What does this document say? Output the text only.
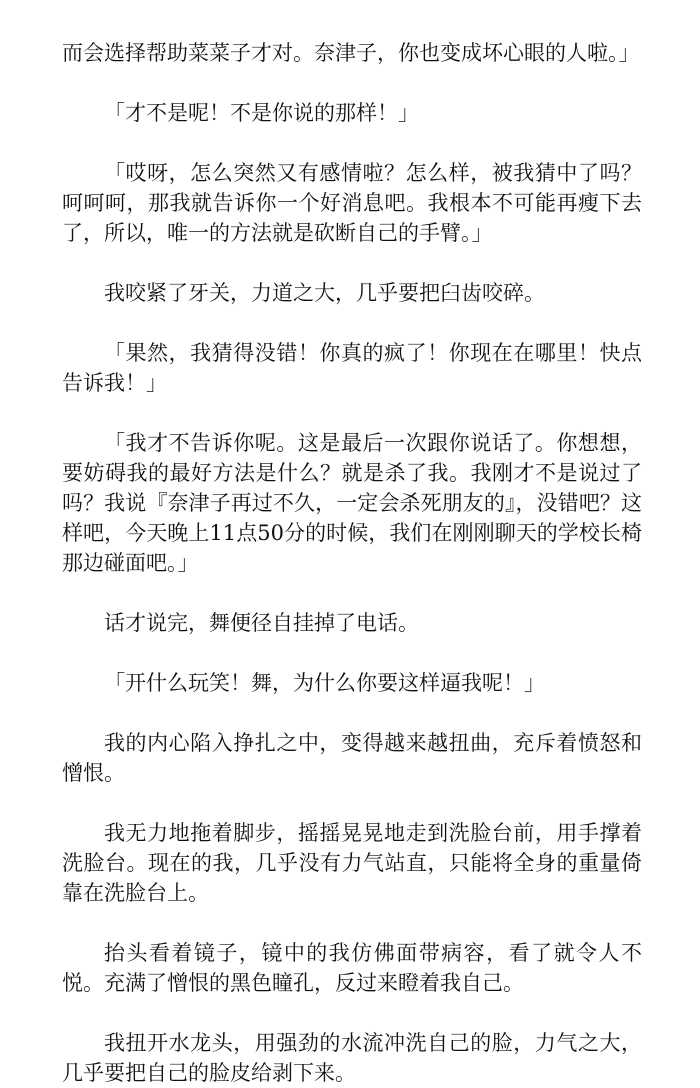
而会选择帮助菜菜子才对。奈津子，你也变成坏心眼的人啦。」

「才不是呢！不是你说的那样！」

「哎呀，怎么突然又有感情啦？怎么样，被我猜中了吗？呵呵呵，那我就告诉你一个好消息吧。我根本不可能再瘦下去了，所以，唯一的方法就是砍断自己的手臂。」

我咬紧了牙关，力道之大，几乎要把臼齿咬碎。

「果然，我猜得没错！你真的疯了！你现在在哪里！快点告诉我！」

「我才不告诉你呢。这是最后一次跟你说话了。你想想，要妨碍我的最好方法是什么？就是杀了我。我刚才不是说过了吗？我说『奈津子再过不久，一定会杀死朋友的』，没错吧？这样吧，今天晚上11点50分的时候，我们在刚刚聊天的学校长椅那边碰面吧。」

话才说完，舞便径自挂掉了电话。

「开什么玩笑！舞，为什么你要这样逼我呢！」

我的内心陷入挣扎之中，变得越来越扭曲，充斥着愤怒和憎恨。

我无力地拖着脚步，摇摇晃晃地走到洗脸台前，用手撑着洗脸台。现在的我，几乎没有力气站直，只能将全身的重量倚靠在洗脸台上。

抬头看着镜子，镜中的我仿佛面带病容，看了就令人不悦。充满了憎恨的黑色瞳孔，反过来瞪着我自己。

我扭开水龙头，用强劲的水流冲洗自己的脸，力气之大，几乎要把自己的脸皮给剥下来。
